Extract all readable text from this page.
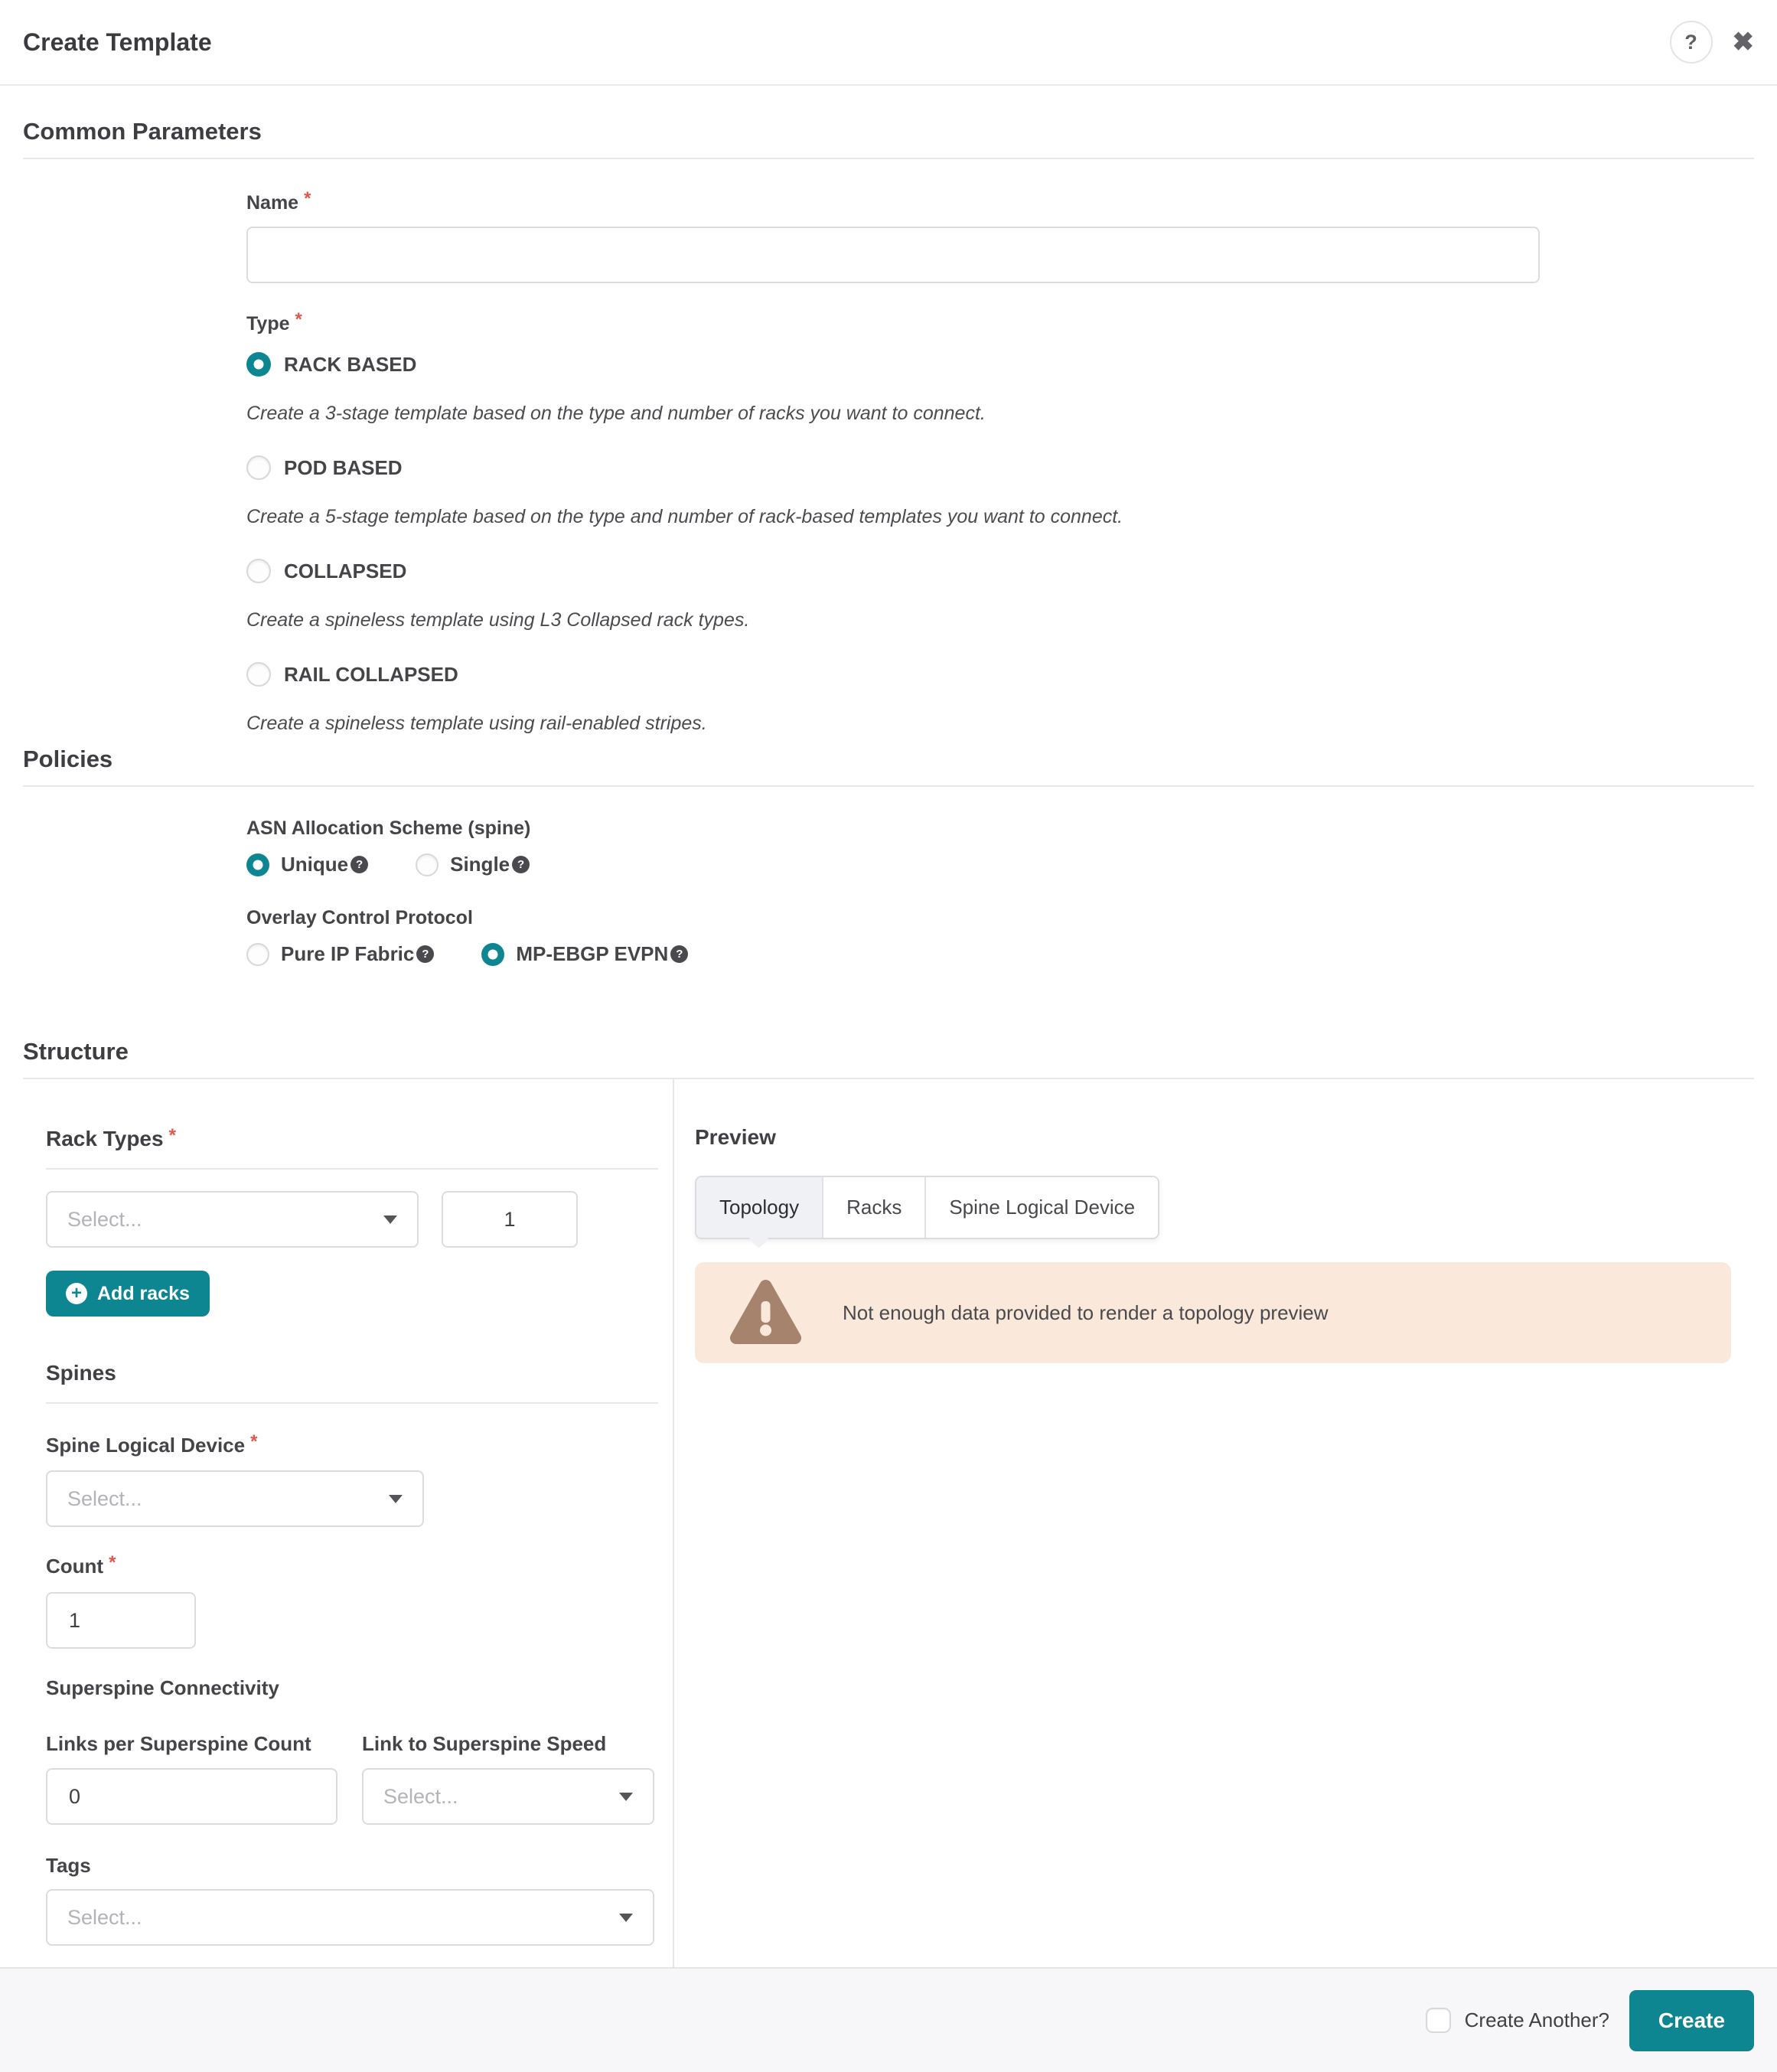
Create Template	? ✖
Common Parameters
Name *
Type *
RACK BASED
Create a 3-stage template based on the type and number of racks you want to connect.
POD BASED
Create a 5-stage template based on the type and number of rack-based templates you want to connect.
COLLAPSED
Create a spineless template using L3 Collapsed rack types.
RAIL COLLAPSED
Create a spineless template using rail-enabled stripes.
Policies
ASN Allocation Scheme (spine)
Unique ?	Single ?
Overlay Control Protocol
Pure IP Fabric ?	MP-EBGP EVPN ?
Structure
Rack Types *
Select...
1
+ Add racks
Spines
Spine Logical Device *
Select...
Count *
1
Superspine Connectivity
Links per Superspine Count
0	Link to Superspine Speed
Select...
Tags
Select...
Preview
Topology Racks Spine Logical Device
Not enough data provided to render a topology preview
Create Another?	Create
